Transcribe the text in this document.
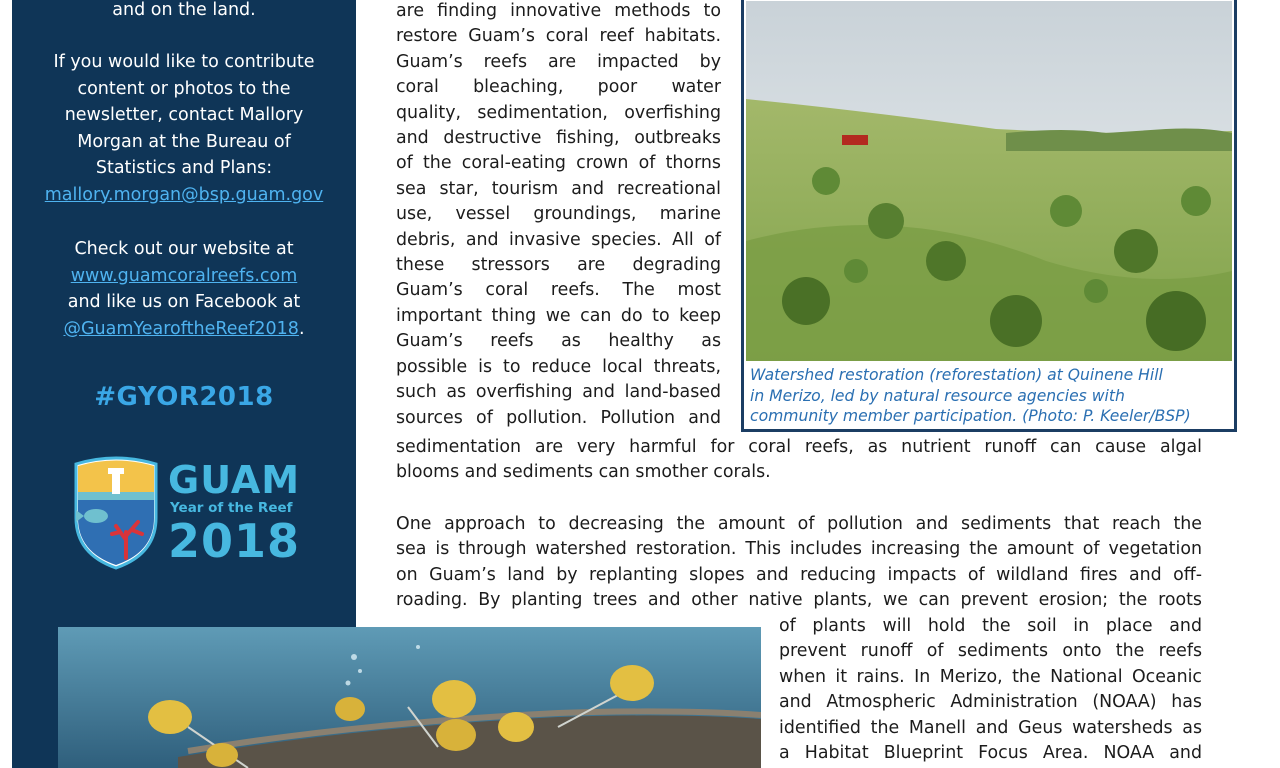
and on the land.
If you would like to contribute
content or photos to the
newsletter, contact Mallory
Morgan at the Bureau of
Statistics and Plans:
mallory.morgan@bsp.guam.gov
Check out our website at
www.guamcoralreefs.com
and like us on Facebook at
@GuamYearoftheReef2018.
#GYOR2018
GUAM
Year of the Reef
2018
are finding innovative methods to
restore Guam’s coral reef habitats.
Guam’s reefs are impacted by
coral bleaching, poor water
quality, sedimentation, overfishing
and destructive fishing, outbreaks
of the coral-eating crown of thorns
sea star, tourism and recreational
use, vessel groundings, marine
debris, and invasive species. All of
these stressors are degrading
Guam’s coral reefs. The most
important thing we can do to keep
Guam’s reefs as healthy as
possible is to reduce local threats,
such as overfishing and land-based
sources of pollution. Pollution and
sedimentation are very harmful for coral reefs, as nutrient runoff can cause algal
blooms and sediments can smother corals.
One approach to decreasing the amount of pollution and sediments that reach the
sea is through watershed restoration. This includes increasing the amount of vegetation
on Guam’s land by replanting slopes and reducing impacts of wildland fires and off-
roading. By planting trees and other native plants, we can prevent erosion; the roots
of plants will hold the soil in place and
prevent runoff of sediments onto the reefs
when it rains. In Merizo, the National Oceanic
and Atmospheric Administration (NOAA) has
identified the Manell and Geus watersheds as
a Habitat Blueprint Focus Area. NOAA and
Watershed restoration (reforestation) at Quinene Hill
in Merizo, led by natural resource agencies with
community member participation. (Photo: P. Keeler/BSP)
